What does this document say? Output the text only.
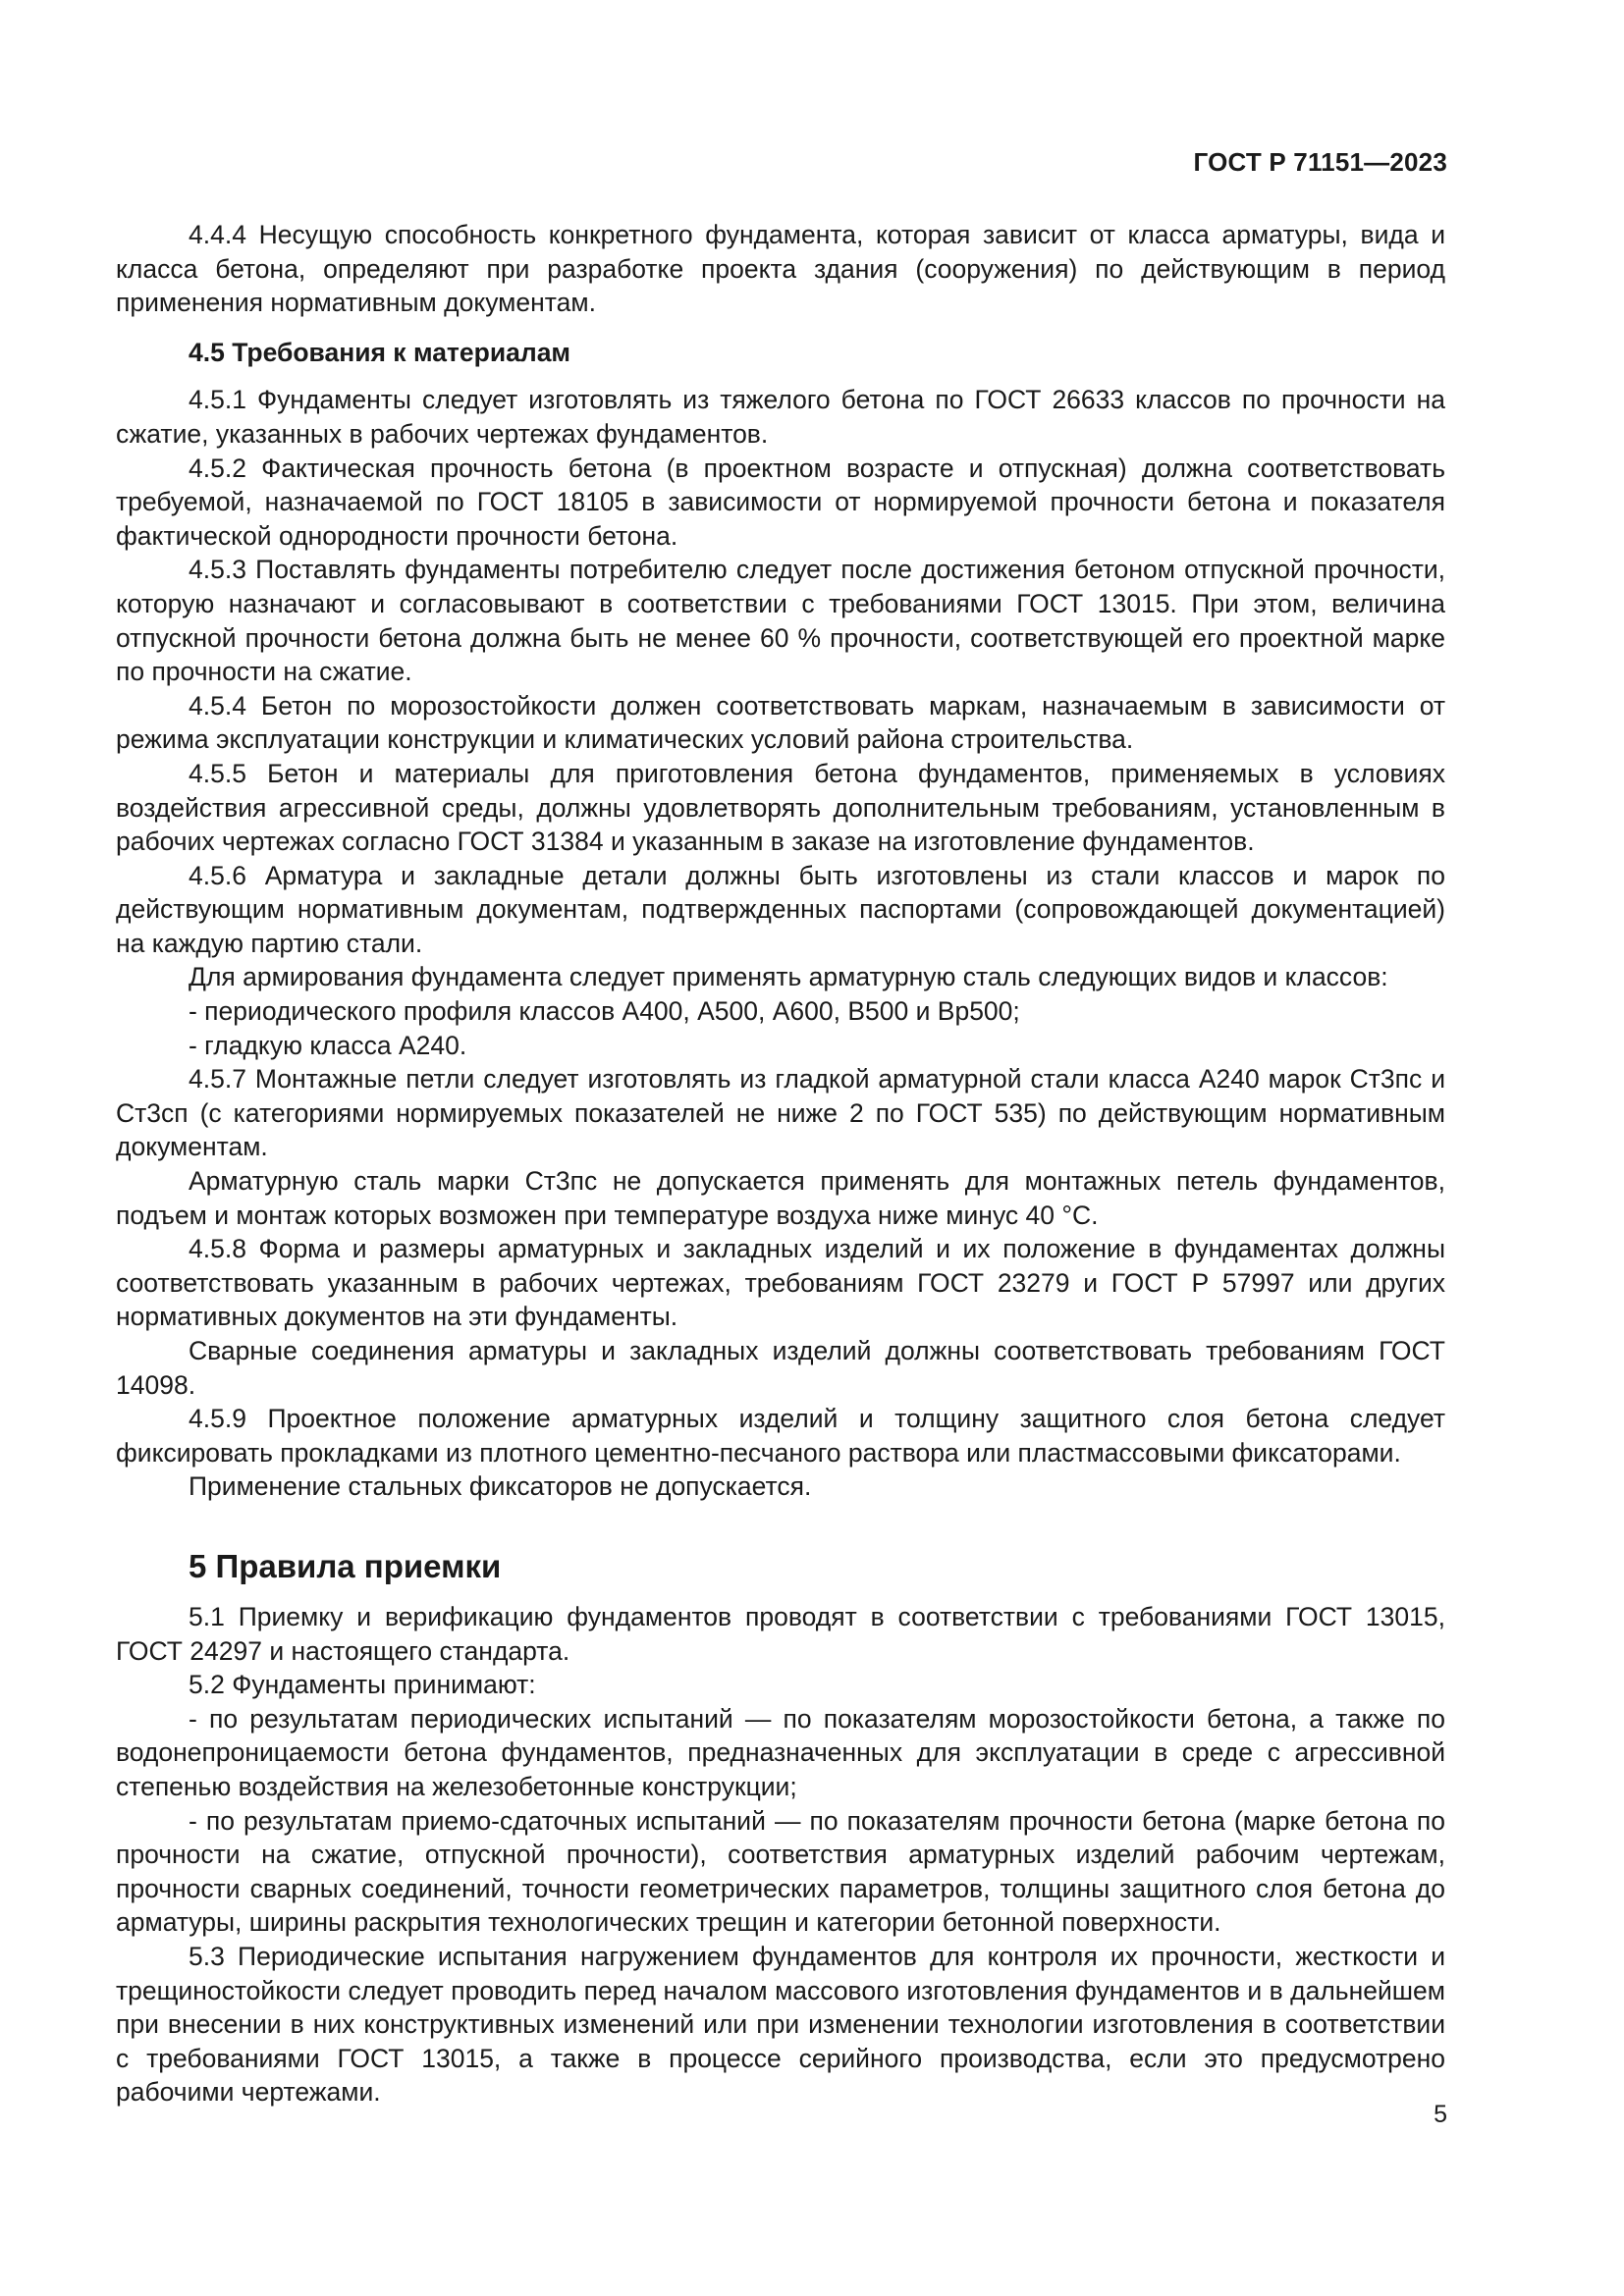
ГОСТ Р 71151—2023

4.4.4 Несущую способность конкретного фундамента, которая зависит от класса арматуры, вида и класса бетона, определяют при разработке проекта здания (сооружения) по действующим в период применения нормативным документам.

4.5 Требования к материалам

4.5.1 Фундаменты следует изготовлять из тяжелого бетона по ГОСТ 26633 классов по прочности на сжатие, указанных в рабочих чертежах фундаментов.

4.5.2 Фактическая прочность бетона (в проектном возрасте и отпускная) должна соответствовать требуемой, назначаемой по ГОСТ 18105 в зависимости от нормируемой прочности бетона и показателя фактической однородности прочности бетона.

4.5.3 Поставлять фундаменты потребителю следует после достижения бетоном отпускной прочности, которую назначают и согласовывают в соответствии с требованиями ГОСТ 13015. При этом, величина отпускной прочности бетона должна быть не менее 60 % прочности, соответствующей его проектной марке по прочности на сжатие.

4.5.4 Бетон по морозостойкости должен соответствовать маркам, назначаемым в зависимости от режима эксплуатации конструкции и климатических условий района строительства.

4.5.5 Бетон и материалы для приготовления бетона фундаментов, применяемых в условиях воздействия агрессивной среды, должны удовлетворять дополнительным требованиям, установленным в рабочих чертежах согласно ГОСТ 31384 и указанным в заказе на изготовление фундаментов.

4.5.6 Арматура и закладные детали должны быть изготовлены из стали классов и марок по действующим нормативным документам, подтвержденных паспортами (сопровождающей документацией) на каждую партию стали.

Для армирования фундамента следует применять арматурную сталь следующих видов и классов:

- периодического профиля классов А400, А500, А600, В500 и Вр500;

- гладкую класса А240.

4.5.7 Монтажные петли следует изготовлять из гладкой арматурной стали класса А240 марок Ст3пс и Ст3сп (с категориями нормируемых показателей не ниже 2 по ГОСТ 535) по действующим нормативным документам.

Арматурную сталь марки Ст3пс не допускается применять для монтажных петель фундаментов, подъем и монтаж которых возможен при температуре воздуха ниже минус 40 °С.

4.5.8 Форма и размеры арматурных и закладных изделий и их положение в фундаментах должны соответствовать указанным в рабочих чертежах, требованиям ГОСТ 23279 и ГОСТ Р 57997 или других нормативных документов на эти фундаменты.

Сварные соединения арматуры и закладных изделий должны соответствовать требованиям ГОСТ 14098.

4.5.9 Проектное положение арматурных изделий и толщину защитного слоя бетона следует фиксировать прокладками из плотного цементно-песчаного раствора или пластмассовыми фиксаторами.

Применение стальных фиксаторов не допускается.

5 Правила приемки

5.1 Приемку и верификацию фундаментов проводят в соответствии с требованиями ГОСТ 13015, ГОСТ 24297 и настоящего стандарта.

5.2 Фундаменты принимают:

- по результатам периодических испытаний — по показателям морозостойкости бетона, а также по водонепроницаемости бетона фундаментов, предназначенных для эксплуатации в среде с агрессивной степенью воздействия на железобетонные конструкции;

- по результатам приемо-сдаточных испытаний — по показателям прочности бетона (марке бетона по прочности на сжатие, отпускной прочности), соответствия арматурных изделий рабочим чертежам, прочности сварных соединений, точности геометрических параметров, толщины защитного слоя бетона до арматуры, ширины раскрытия технологических трещин и категории бетонной поверхности.

5.3 Периодические испытания нагружением фундаментов для контроля их прочности, жесткости и трещиностойкости следует проводить перед началом массового изготовления фундаментов и в дальнейшем при внесении в них конструктивных изменений или при изменении технологии изготовления в соответствии с требованиями ГОСТ 13015, а также в процессе серийного производства, если это предусмотрено рабочими чертежами.

5
